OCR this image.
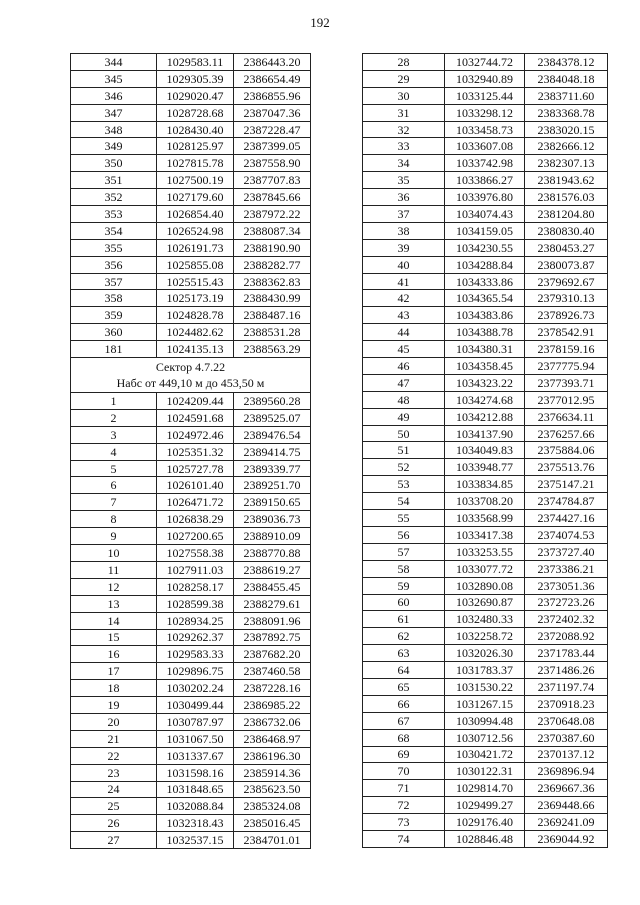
192
344	1029583.11	2386443.20
345	1029305.39	2386654.49
346	1029020.47	2386855.96
347	1028728.68	2387047.36
348	1028430.40	2387228.47
349	1028125.97	2387399.05
350	1027815.78	2387558.90
351	1027500.19	2387707.83
352	1027179.60	2387845.66
353	1026854.40	2387972.22
354	1026524.98	2388087.34
355	1026191.73	2388190.90
356	1025855.08	2388282.77
357	1025515.43	2388362.83
358	1025173.19	2388430.99
359	1024828.78	2388487.16
360	1024482.62	2388531.28
181	1024135.13	2388563.29

Сектор 4.7.22
Набс от 449,10 м до 453,50 м		

1	1024209.44	2389560.28
2	1024591.68	2389525.07
3	1024972.46	2389476.54
4	1025351.32	2389414.75
5	1025727.78	2389339.77
6	1026101.40	2389251.70
7	1026471.72	2389150.65
8	1026838.29	2389036.73
9	1027200.65	2388910.09
10	1027558.38	2388770.88
11	1027911.03	2388619.27
12	1028258.17	2388455.45
13	1028599.38	2388279.61
14	1028934.25	2388091.96
15	1029262.37	2387892.75
16	1029583.33	2387682.20
17	1029896.75	2387460.58
18	1030202.24	2387228.16
19	1030499.44	2386985.22
20	1030787.97	2386732.06
21	1031067.50	2386468.97
22	1031337.67	2386196.30
23	1031598.16	2385914.36
24	1031848.65	2385623.50
25	1032088.84	2385324.08
26	1032318.43	2385016.45
27	1032537.15	2384701.01
28	1032744.72	2384378.12
29	1032940.89	2384048.18
30	1033125.44	2383711.60
31	1033298.12	2383368.78
32	1033458.73	2383020.15
33	1033607.08	2382666.12
34	1033742.98	2382307.13
35	1033866.27	2381943.62
36	1033976.80	2381576.03
37	1034074.43	2381204.80
38	1034159.05	2380830.40
39	1034230.55	2380453.27
40	1034288.84	2380073.87
41	1034333.86	2379692.67
42	1034365.54	2379310.13
43	1034383.86	2378926.73
44	1034388.78	2378542.91
45	1034380.31	2378159.16
46	1034358.45	2377775.94
47	1034323.22	2377393.71
48	1034274.68	2377012.95
49	1034212.88	2376634.11
50	1034137.90	2376257.66
51	1034049.83	2375884.06
52	1033948.77	2375513.76
53	1033834.85	2375147.21
54	1033708.20	2374784.87
55	1033568.99	2374427.16
56	1033417.38	2374074.53
57	1033253.55	2373727.40
58	1033077.72	2373386.21
59	1032890.08	2373051.36
60	1032690.87	2372723.26
61	1032480.33	2372402.32
62	1032258.72	2372088.92
63	1032026.30	2371783.44
64	1031783.37	2371486.26
65	1031530.22	2371197.74
66	1031267.15	2370918.23
67	1030994.48	2370648.08
68	1030712.56	2370387.60
69	1030421.72	2370137.12
70	1030122.31	2369896.94
71	1029814.70	2369667.36
72	1029499.27	2369448.66
73	1029176.40	2369241.09
74	1028846.48	2369044.92
